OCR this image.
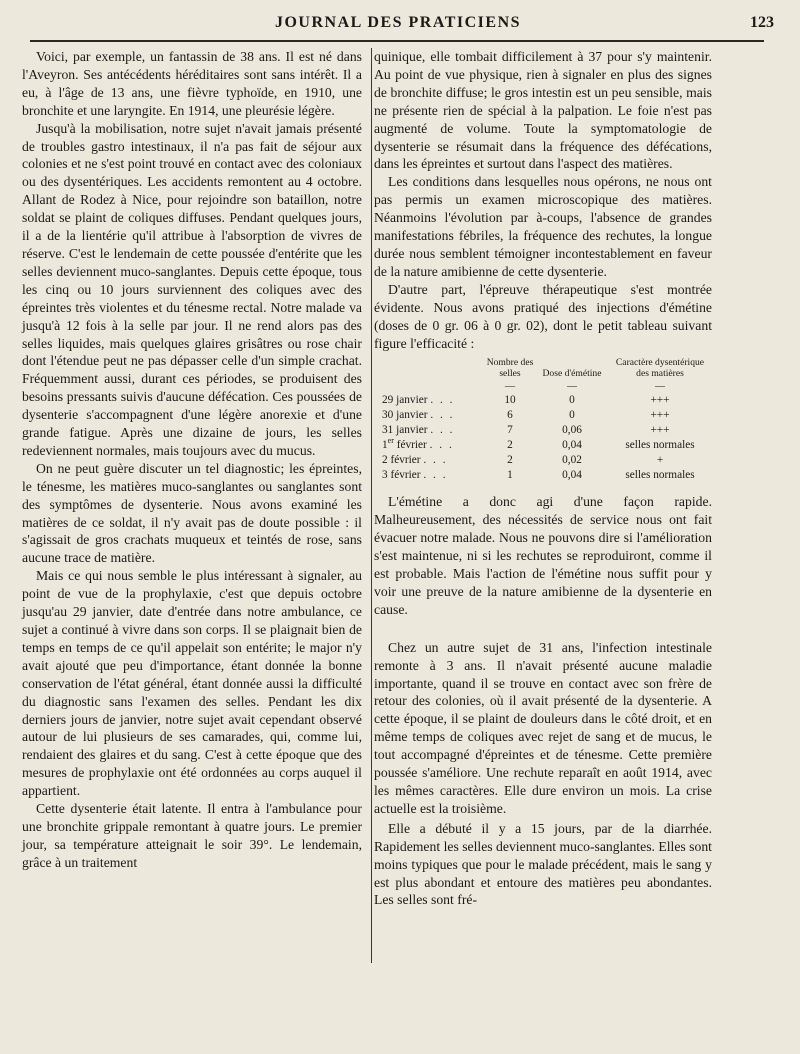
JOURNAL DES PRATICIENS	123

Voici, par exemple, un fantassin de 38 ans. Il est né dans l'Aveyron. Ses antécédents héréditaires sont sans intérêt. Il a eu, à l'âge de 13 ans, une fièvre typhoïde, en 1910, une bronchite et une laryngite. En 1914, une pleurésie légère.

Jusqu'à la mobilisation, notre sujet n'avait jamais présenté de troubles gastro intestinaux, il n'a pas fait de séjour aux colonies et ne s'est point trouvé en contact avec des coloniaux ou des dysentériques. Les accidents remontent au 4 octobre. Allant de Rodez à Nice, pour rejoindre son bataillon, notre soldat se plaint de coliques diffuses. Pendant quelques jours, il a de la lientérie qu'il attribue à l'absorption de vivres de réserve. C'est le lendemain de cette poussée d'entérite que les selles deviennent muco-sanglantes. Depuis cette époque, tous les cinq ou 10 jours surviennent des coliques avec des épreintes très violentes et du ténesme rectal. Notre malade va jusqu'à 12 fois à la selle par jour. Il ne rend alors pas des selles liquides, mais quelques glaires grisâtres ou rose chair dont l'étendue peut ne pas dépasser celle d'un simple crachat. Fréquemment aussi, durant ces périodes, se produisent des besoins pressants suivis d'aucune défécation. Ces poussées de dysenterie s'accompagnent d'une légère anorexie et d'une grande fatigue. Après une dizaine de jours, les selles redeviennent normales, mais toujours avec du mucus.

On ne peut guère discuter un tel diagnostic; les épreintes, le ténesme, les matières muco-sanglantes ou sanglantes sont des symptômes de dysenterie. Nous avons examiné les matières de ce soldat, il n'y avait pas de doute possible : il s'agissait de gros crachats muqueux et teintés de rose, sans aucune trace de matière.

Mais ce qui nous semble le plus intéressant à signaler, au point de vue de la prophylaxie, c'est que depuis octobre jusqu'au 29 janvier, date d'entrée dans notre ambulance, ce sujet a continué à vivre dans son corps. Il se plaignait bien de temps en temps de ce qu'il appelait son entérite; le major n'y avait ajouté que peu d'importance, étant donnée la bonne conservation de l'état général, étant donnée aussi la difficulté du diagnostic sans l'examen des selles. Pendant les dix derniers jours de janvier, notre sujet avait cependant observé autour de lui plusieurs de ses camarades, qui, comme lui, rendaient des glaires et du sang. C'est à cette époque que des mesures de prophylaxie ont été ordonnées au corps auquel il appartient.

Cette dysenterie était latente. Il entra à l'ambulance pour une bronchite grippale remontant à quatre jours. Le premier jour, sa température atteignait le soir 39°. Le lendemain, grâce à un traitement

quinique, elle tombait difficilement à 37 pour s'y maintenir. Au point de vue physique, rien à signaler en plus des signes de bronchite diffuse; le gros intestin est un peu sensible, mais ne présente rien de spécial à la palpation. Le foie n'est pas augmenté de volume. Toute la symptomatologie de dysenterie se résumait dans la fréquence des défécations, dans les épreintes et surtout dans l'aspect des matières.

Les conditions dans lesquelles nous opérons, ne nous ont pas permis un examen microscopique des matières. Néanmoins l'évolution par à-coups, l'absence de grandes manifestations fébriles, la fréquence des rechutes, la longue durée nous semblent témoigner incontestablement en faveur de la nature amibienne de cette dysenterie.

D'autre part, l'épreuve thérapeutique s'est montrée évidente. Nous avons pratiqué des injections d'émétine (doses de 0 gr. 06 à 0 gr. 02), dont le petit tableau suivant figure l'efficacité :

	Nombre des selles	Dose d'émétine	Caractère dysentérique des matières
	—	—	—
29 janvier . . .	10	0	+++
30 janvier . . .	6	0	+++
31 janvier . . .	7	0,06	+++
1er février . . .	2	0,04	selles normales
2 février . . .	2	0,02	+
3 février . . .	1	0,04	selles normales

L'émétine a donc agi d'une façon rapide. Malheureusement, des nécessités de service nous ont fait évacuer notre malade. Nous ne pouvons dire si l'amélioration s'est maintenue, ni si les rechutes se reproduiront, comme il est probable. Mais l'action de l'émétine nous suffit pour y voir une preuve de la nature amibienne de la dysenterie en cause.

Chez un autre sujet de 31 ans, l'infection intestinale remonte à 3 ans. Il n'avait présenté aucune maladie importante, quand il se trouve en contact avec son frère de retour des colonies, où il avait présenté de la dysenterie. A cette époque, il se plaint de douleurs dans le côté droit, et en même temps de coliques avec rejet de sang et de mucus, le tout accompagné d'épreintes et de ténesme. Cette première poussée s'améliore. Une rechute reparaît en août 1914, avec les mêmes caractères. Elle dure environ un mois. La crise actuelle est la troisième.

Elle a débuté il y a 15 jours, par de la diarrhée. Rapidement les selles deviennent muco-sanglantes. Elles sont moins typiques que pour le malade précédent, mais le sang y est plus abondant et entoure des matières peu abondantes. Les selles sont fré-
